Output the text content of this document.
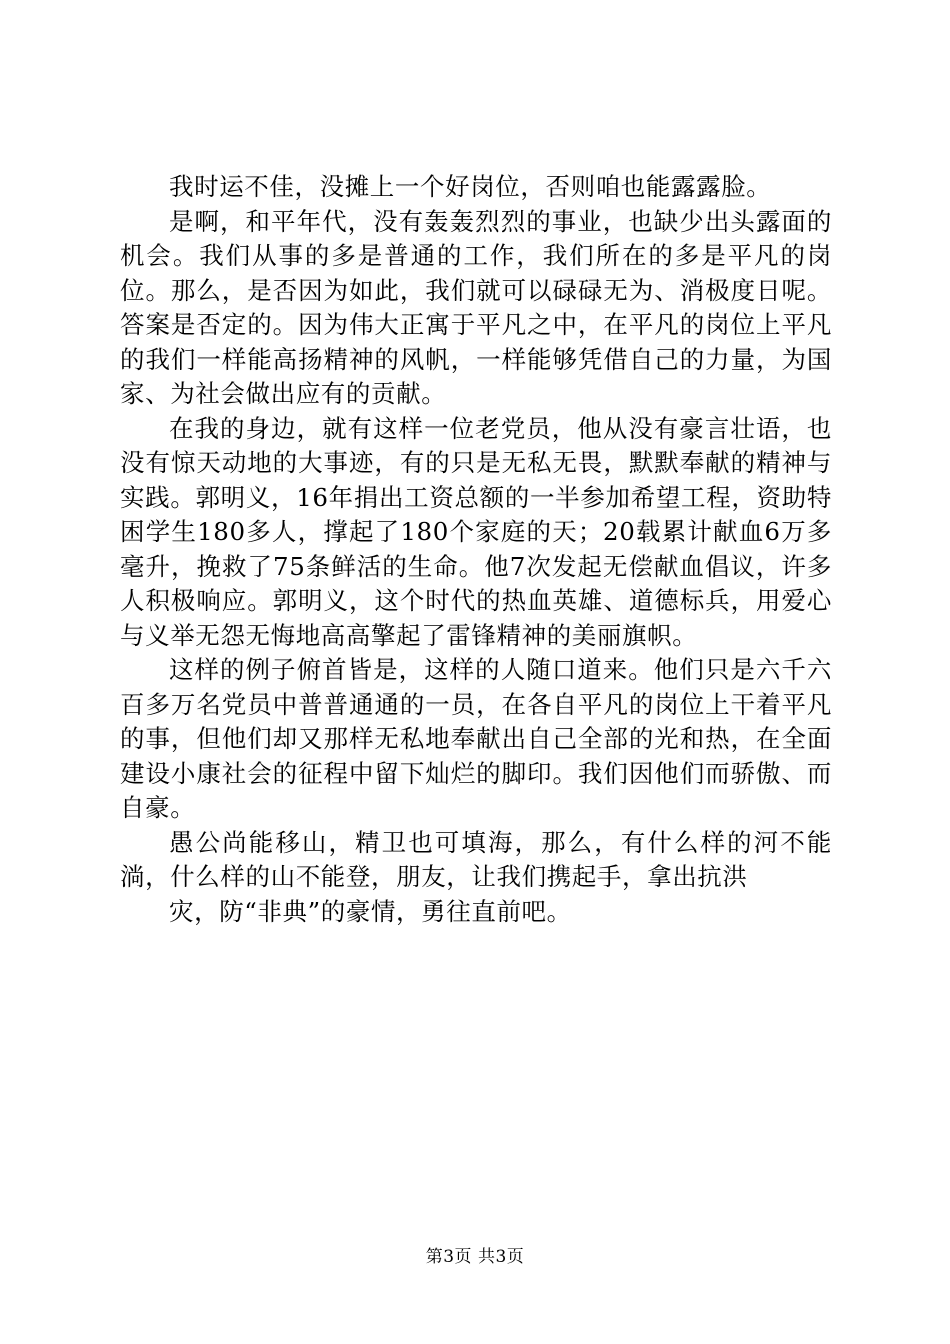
我时运不佳，没摊上一个好岗位，否则咱也能露露脸。

是啊，和平年代，没有轰轰烈烈的事业，也缺少出头露面的机会。我们从事的多是普通的工作，我们所在的多是平凡的岗位。那么，是否因为如此，我们就可以碌碌无为、消极度日呢。答案是否定的。因为伟大正寓于平凡之中，在平凡的岗位上平凡的我们一样能高扬精神的风帆，一样能够凭借自己的力量，为国家、为社会做出应有的贡献。

在我的身边，就有这样一位老党员，他从没有豪言壮语，也没有惊天动地的大事迹，有的只是无私无畏，默默奉献的精神与实践。郭明义，16年捐出工资总额的一半参加希望工程，资助特困学生180多人，撑起了180个家庭的天；20载累计献血6万多毫升，挽救了75条鲜活的生命。他7次发起无偿献血倡议，许多人积极响应。郭明义，这个时代的热血英雄、道德标兵，用爱心与义举无怨无悔地高高擎起了雷锋精神的美丽旗帜。

这样的例子俯首皆是，这样的人随口道来。他们只是六千六百多万名党员中普普通通的一员，在各自平凡的岗位上干着平凡的事，但他们却又那样无私地奉献出自己全部的光和热，在全面建设小康社会的征程中留下灿烂的脚印。我们因他们而骄傲、而自豪。

愚公尚能移山，精卫也可填海，那么，有什么样的河不能淌，什么样的山不能登，朋友，让我们携起手，拿出抗洪

灾，防“非典”的豪情，勇往直前吧。

第3页 共3页
